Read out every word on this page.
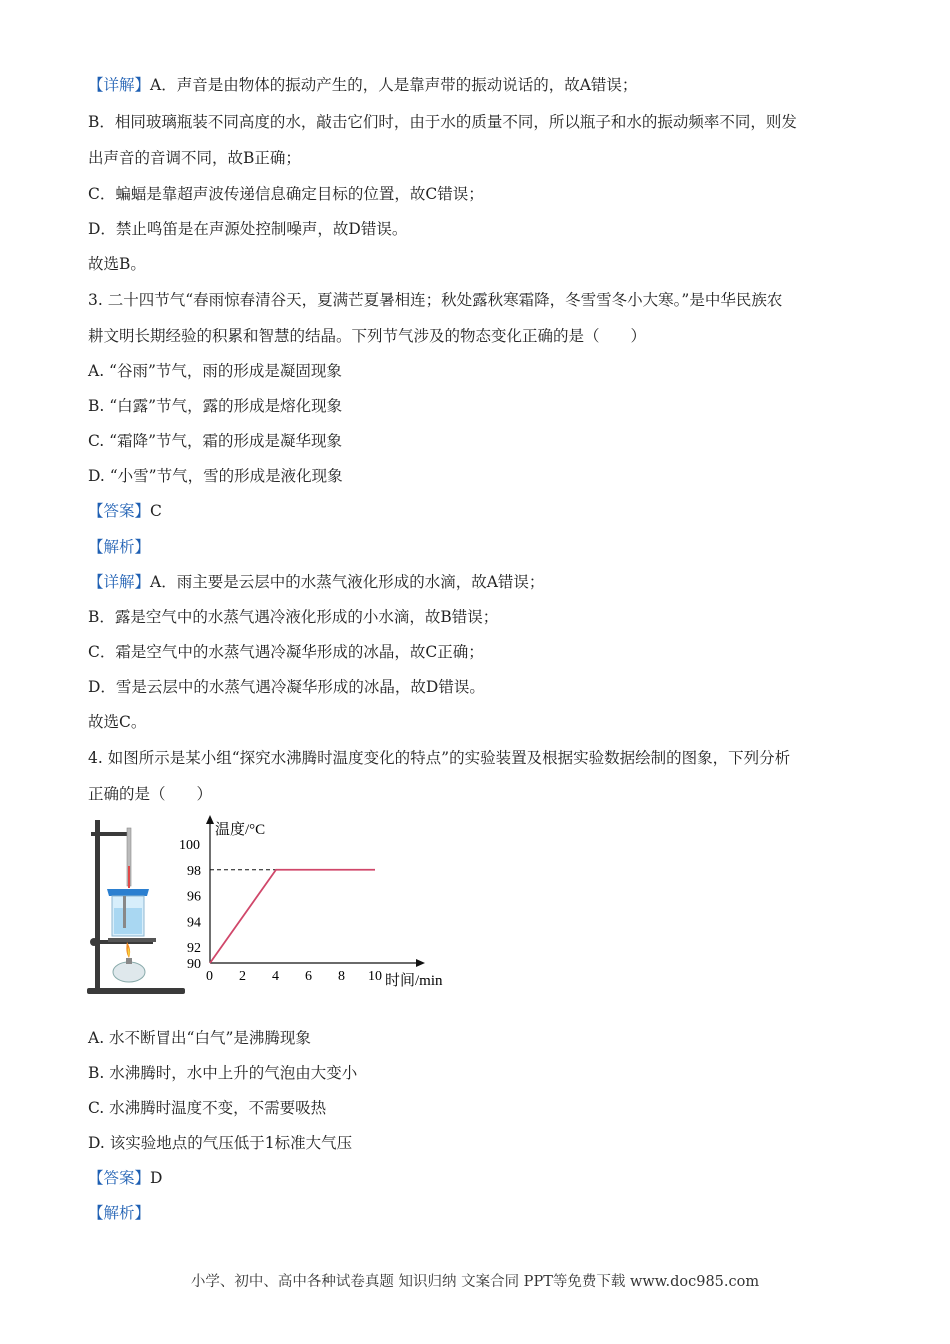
【详解】A．声音是由物体的振动产生的，人是靠声带的振动说话的，故A错误；
B．相同玻璃瓶装不同高度的水，敲击它们时，由于水的质量不同，所以瓶子和水的振动频率不同，则发
出声音的音调不同，故B正确；
C．蝙蝠是靠超声波传递信息确定目标的位置，故C错误；
D．禁止鸣笛是在声源处控制噪声，故D错误。
故选B。
3. 二十四节气“春雨惊春清谷天，夏满芒夏暑相连；秋处露秋寒霜降，冬雪雪冬小大寒。”是中华民族农
耕文明长期经验的积累和智慧的结晶。下列节气涉及的物态变化正确的是（　　）
A. “谷雨”节气，雨的形成是凝固现象
B. “白露”节气，露的形成是熔化现象
C. “霜降”节气，霜的形成是凝华现象
D. “小雪”节气，雪的形成是液化现象
【答案】C
【解析】
【详解】A．雨主要是云层中的水蒸气液化形成的水滴，故A错误；
B．露是空气中的水蒸气遇冷液化形成的小水滴，故B错误；
C．霜是空气中的水蒸气遇冷凝华形成的冰晶，故C正确；
D．雪是云层中的水蒸气遇冷凝华形成的冰晶，故D错误。
故选C。
4. 如图所示是某小组“探究水沸腾时温度变化的特点”的实验装置及根据实验数据绘制的图象，下列分析
正确的是（　　）
温度/°C
时间/min
0 2 4 6 8 10
90
92
94
96
98
100
A. 水不断冒出“白气”是沸腾现象
B. 水沸腾时，水中上升的气泡由大变小
C. 水沸腾时温度不变，不需要吸热
D. 该实验地点的气压低于1标准大气压
【答案】D
【解析】
小学、初中、高中各种试卷真题 知识归纳 文案合同 PPT等免费下载 www.doc985.com
